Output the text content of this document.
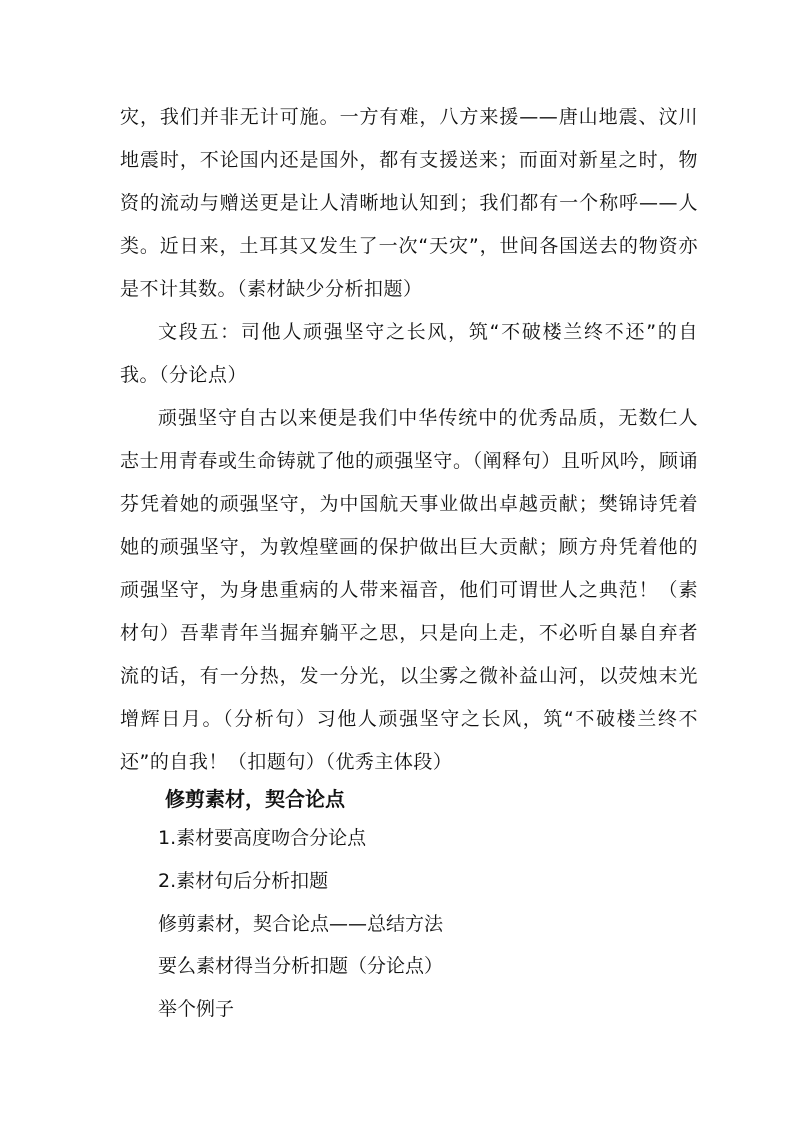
灾，我们并非无计可施。一方有难，八方来援——唐山地震、汶川地震时，不论国内还是国外，都有支援送来；而面对新星之时，物资的流动与赠送更是让人清晰地认知到；我们都有一个称呼——人类。近日来，土耳其又发生了一次“天灾”，世间各国送去的物资亦是不计其数。（素材缺少分析扣题）

文段五：司他人顽强坚守之长风，筑“不破楼兰终不还”的自我。（分论点）

顽强坚守自古以来便是我们中华传统中的优秀品质，无数仁人志士用青春或生命铸就了他的顽强坚守。（阐释句）且听风吟，顾诵芬凭着她的顽强坚守，为中国航天事业做出卓越贡献；樊锦诗凭着她的顽强坚守，为敦煌壁画的保护做出巨大贡献；顾方舟凭着他的顽强坚守，为身患重病的人带来福音，他们可谓世人之典范！（素材句）吾辈青年当掘弃躺平之思，只是向上走，不必听自暴自弃者流的话，有一分热，发一分光，以尘雾之微补益山河，以荧烛末光增辉日月。（分析句）习他人顽强坚守之长风，筑“不破楼兰终不还”的自我！（扣题句）（优秀主体段）

修剪素材，契合论点

1.素材要高度吻合分论点

2.素材句后分析扣题

修剪素材，契合论点——总结方法

要么素材得当分析扣题（分论点）

举个例子
